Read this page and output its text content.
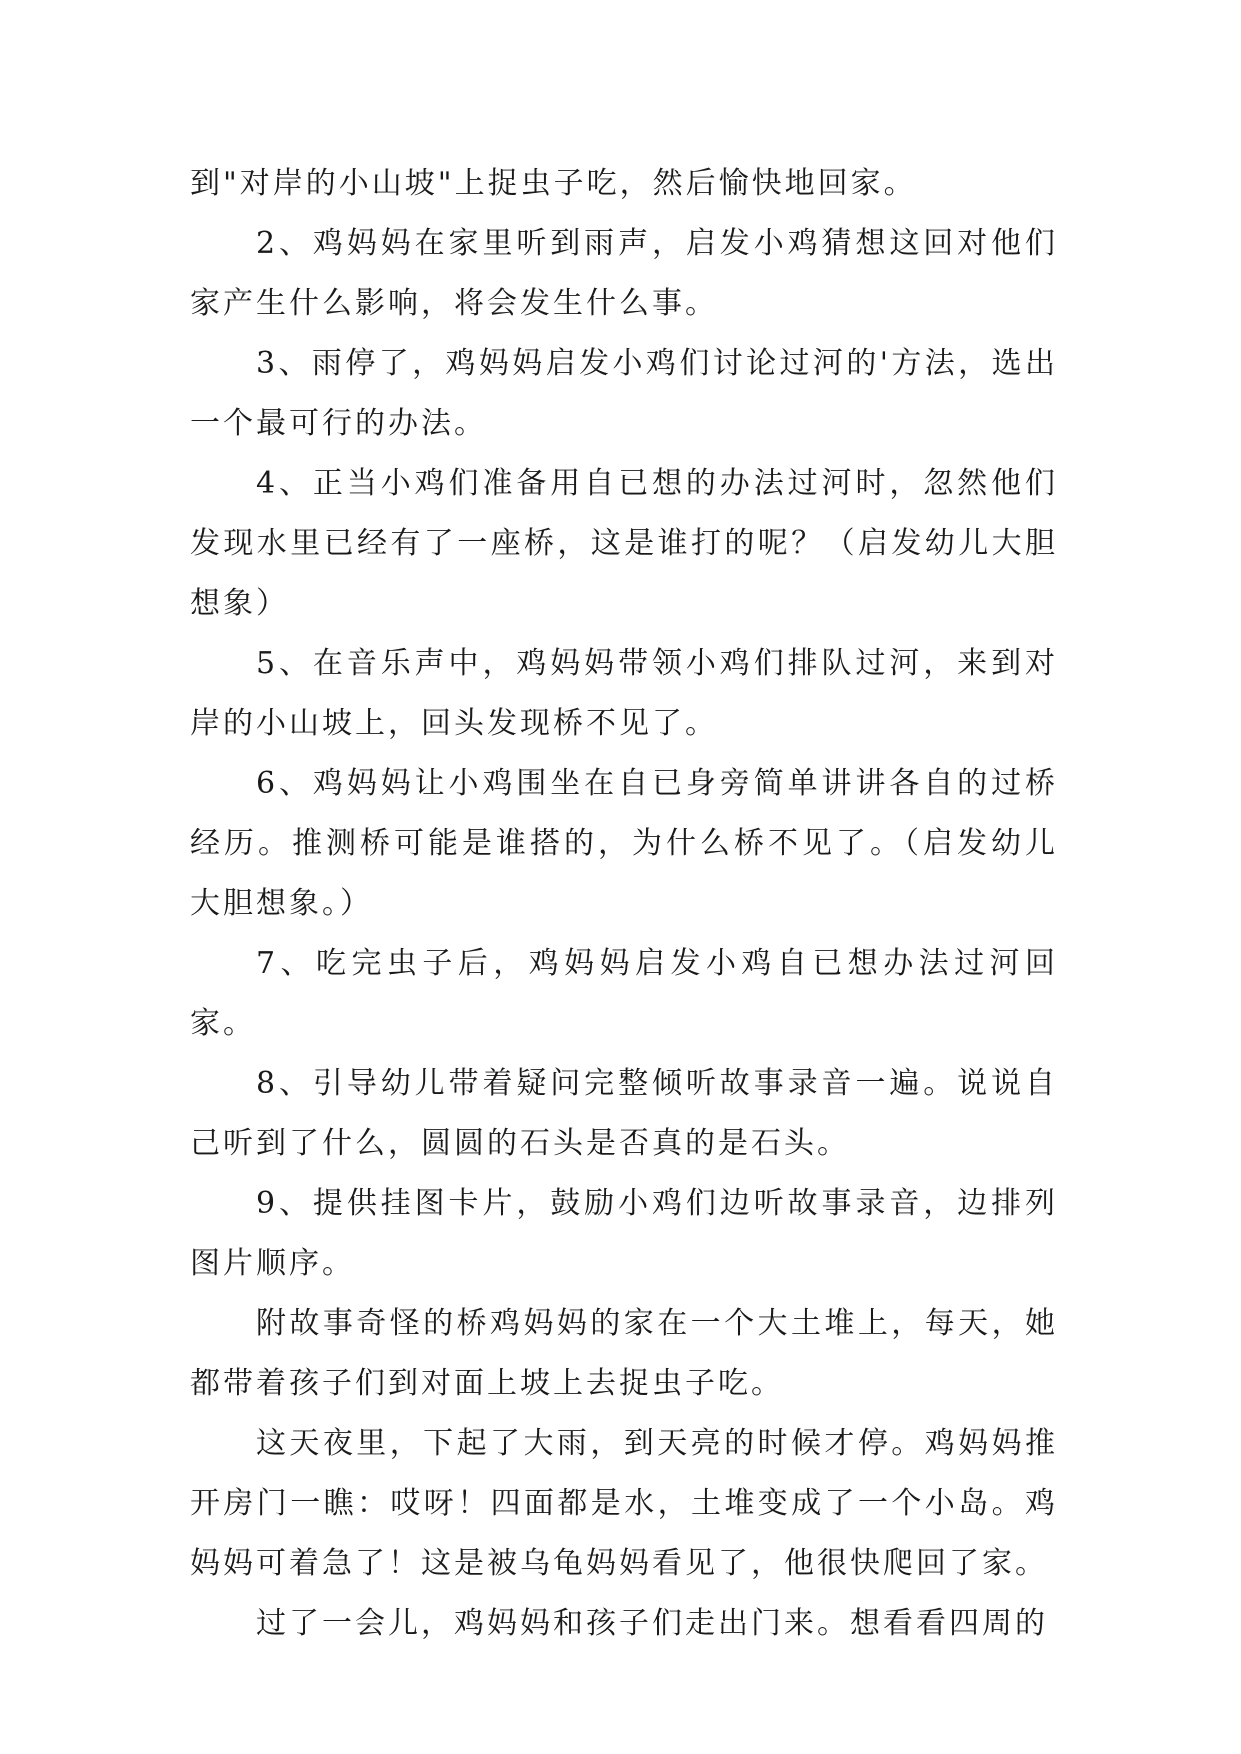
到"对岸的小山坡"上捉虫子吃，然后愉快地回家。

2、鸡妈妈在家里听到雨声，启发小鸡猜想这回对他们家产生什么影响，将会发生什么事。

3、雨停了，鸡妈妈启发小鸡们讨论过河的'方法，选出一个最可行的办法。

4、正当小鸡们准备用自已想的办法过河时，忽然他们发现水里已经有了一座桥，这是谁打的呢？（启发幼儿大胆想象）

5、在音乐声中，鸡妈妈带领小鸡们排队过河，来到对岸的小山坡上，回头发现桥不见了。

6、鸡妈妈让小鸡围坐在自已身旁简单讲讲各自的过桥经历。推测桥可能是谁搭的，为什么桥不见了。（启发幼儿大胆想象。）

7、吃完虫子后，鸡妈妈启发小鸡自已想办法过河回家。

8、引导幼儿带着疑问完整倾听故事录音一遍。说说自己听到了什么，圆圆的石头是否真的是石头。

9、提供挂图卡片，鼓励小鸡们边听故事录音，边排列图片顺序。

附故事奇怪的桥鸡妈妈的家在一个大土堆上，每天，她都带着孩子们到对面上坡上去捉虫子吃。

这天夜里，下起了大雨，到天亮的时候才停。鸡妈妈推开房门一瞧：哎呀！四面都是水，土堆变成了一个小岛。鸡妈妈可着急了！这是被乌龟妈妈看见了，他很快爬回了家。

过了一会儿，鸡妈妈和孩子们走出门来。想看看四周的
